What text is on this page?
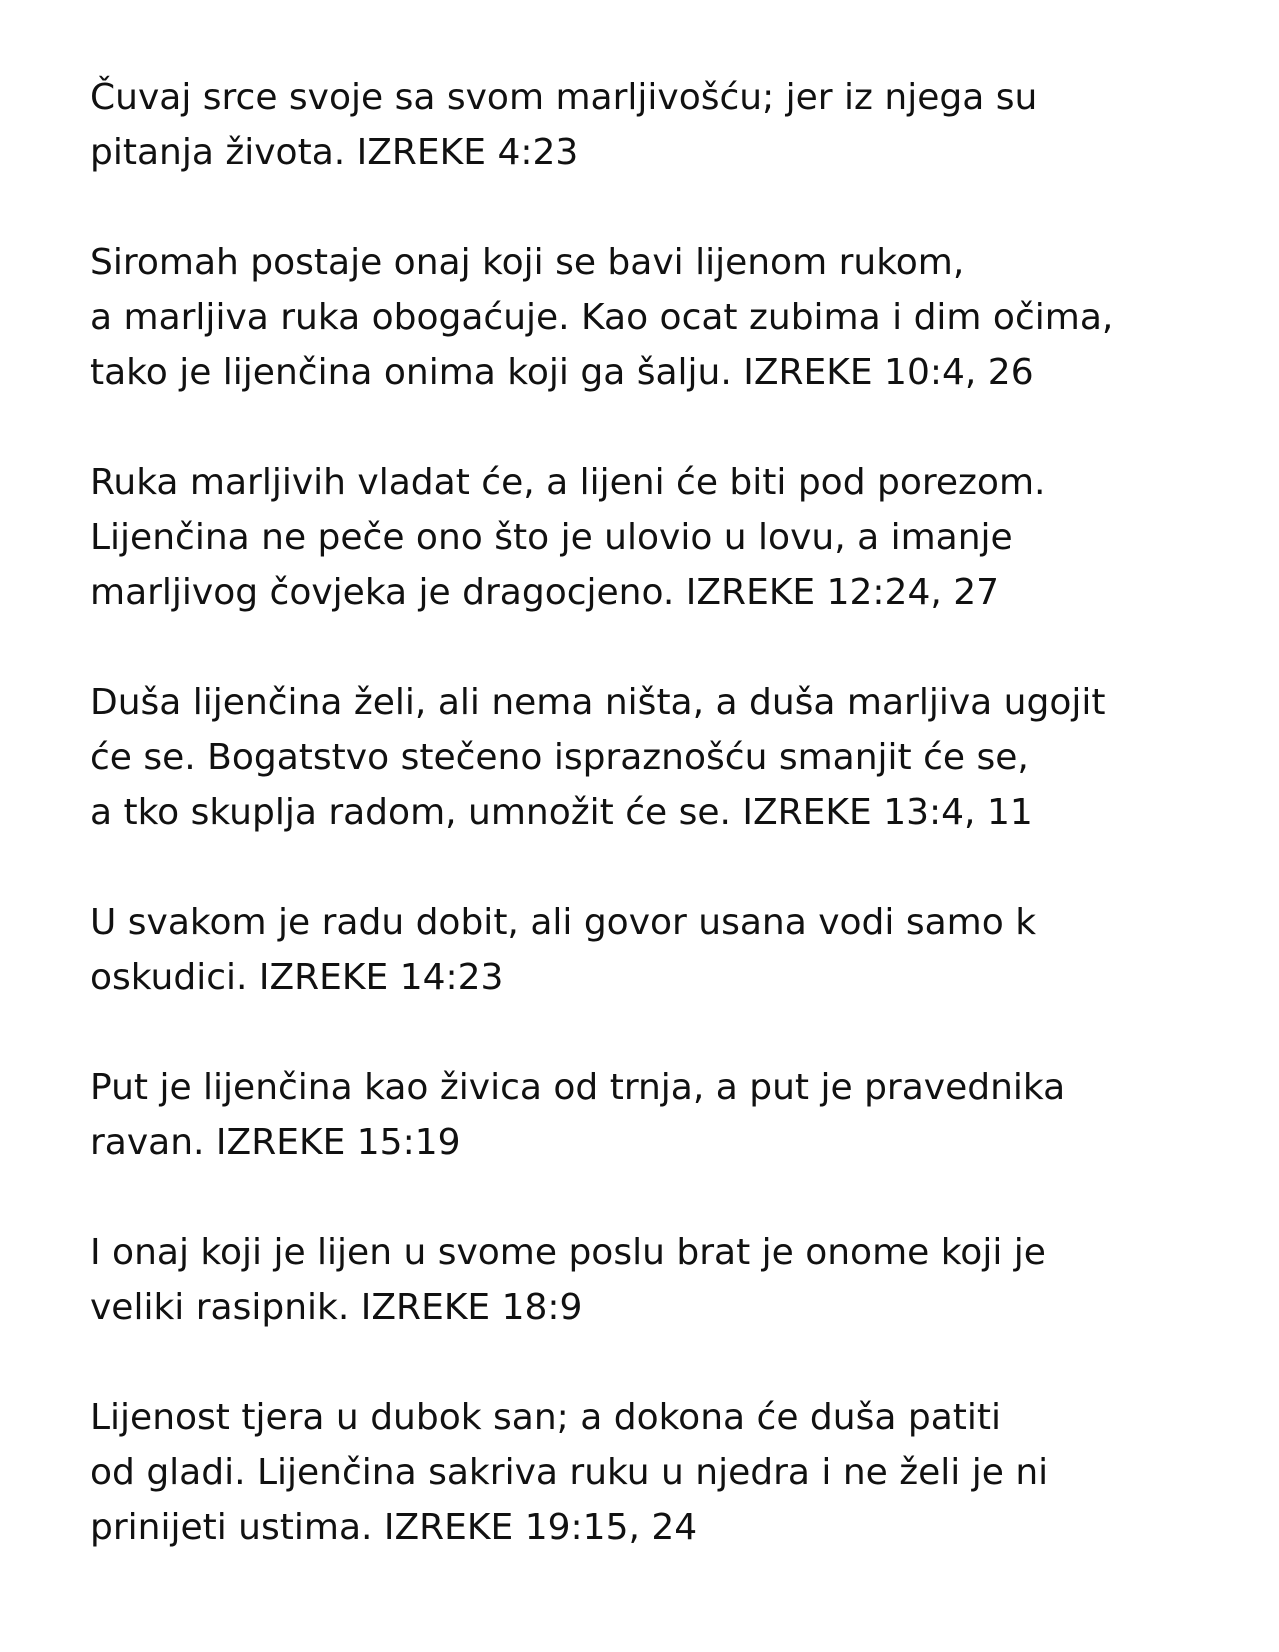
Čuvaj srce svoje sa svom marljivošću; jer iz njega su
pitanja života. IZREKE 4:23
Siromah postaje onaj koji se bavi lijenom rukom,
a marljiva ruka obogaćuje. Kao ocat zubima i dim očima,
tako je lijenčina onima koji ga šalju. IZREKE 10:4, 26
Ruka marljivih vladat će, a lijeni će biti pod porezom.
Lijenčina ne peče ono što je ulovio u lovu, a imanje
marljivog čovjeka je dragocjeno. IZREKE 12:24, 27
Duša lijenčina želi, ali nema ništa, a duša marljiva ugojit
će se. Bogatstvo stečeno ispraznošću smanjit će se,
a tko skuplja radom, umnožit će se. IZREKE 13:4, 11
U svakom je radu dobit, ali govor usana vodi samo k
oskudici. IZREKE 14:23
Put je lijenčina kao živica od trnja, a put je pravednika
ravan. IZREKE 15:19
I onaj koji je lijen u svome poslu brat je onome koji je
veliki rasipnik. IZREKE 18:9
Lijenost tjera u dubok san; a dokona će duša patiti
od gladi. Lijenčina sakriva ruku u njedra i ne želi je ni
prinijeti ustima. IZREKE 19:15, 24
